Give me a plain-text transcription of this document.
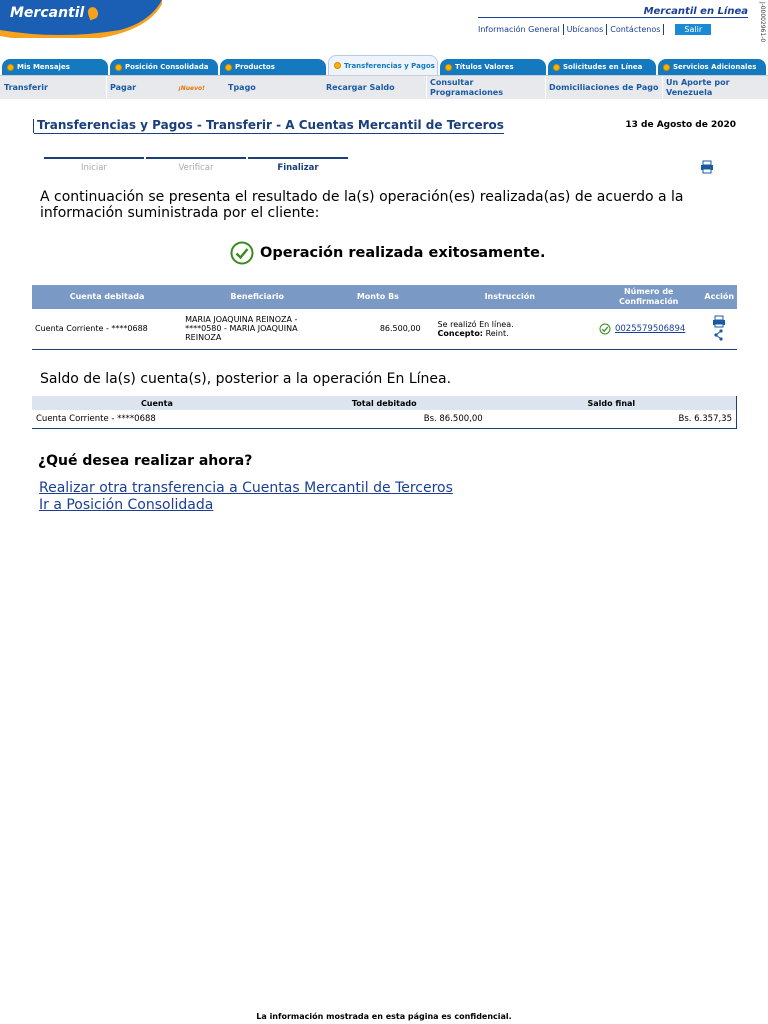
Mercantil	Mercantil en Línea
Información General Ubícanos Contáctenos	Salir	J-00002961-0
Mis Mensajes	Posición Consolidada	Productos	Transferencias y Pagos	Títulos Valores	Solicitudes en Línea	Servicios Adicionales
Transferir	Pagar	¡Nuevo!	Tpago	Recargar Saldo
Consultar Programaciones
Domiciliaciones de Pago
Un Aporte por Venezuela
Transferencias y Pagos - Transferir - A Cuentas Mercantil de Terceros	13 de Agosto de 2020
Iniciar	Verificar	Finalizar
A continuación se presenta el resultado de la(s) operación(es) realizada(as) de acuerdo a la información suministrada por el cliente:
Operación realizada exitosamente.
Cuenta debitada	Beneficiario	Monto Bs	Instrucción	Número de Confirmación	Acción
Cuenta Corriente - ****0688	MARIA JOAQUINA REINOZA - ****0580 - MARIA JOAQUINA REINOZA	86.500,00	Se realizó En línea.
Concepto: Reint.	0025579506894

Saldo de la(s) cuenta(s), posterior a la operación En Línea.
Cuenta	Total debitado	Saldo final
Cuenta Corriente - ****0688	Bs. 86.500,00	Bs. 6.357,35
¿Qué desea realizar ahora?
Realizar otra transferencia a Cuentas Mercantil de Terceros
Ir a Posición Consolidada
La información mostrada en esta página es confidencial.
